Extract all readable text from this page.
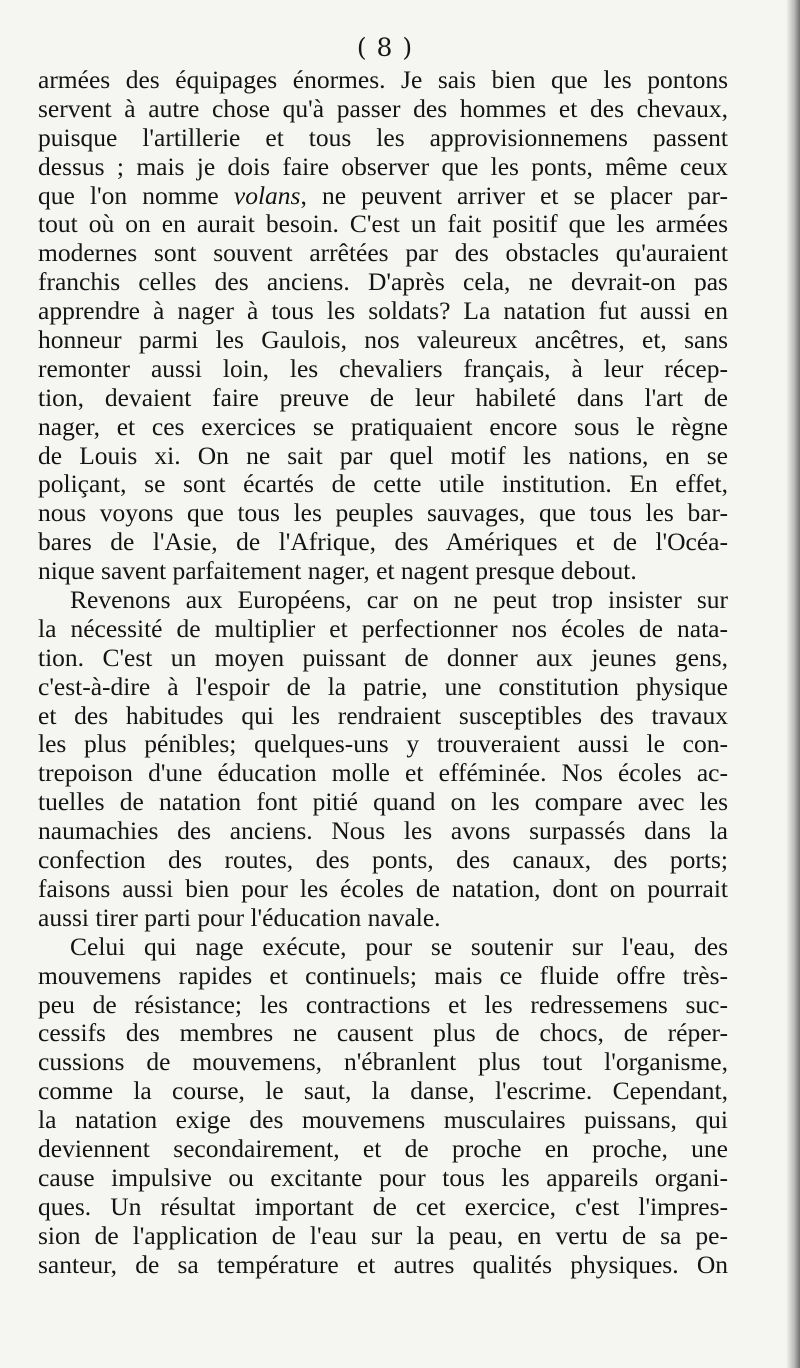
( 8 )
armées des équipages énormes. Je sais bien que les pontons
servent à autre chose qu'à passer des hommes et des chevaux,
puisque l'artillerie et tous les approvisionnemens passent
dessus ; mais je dois faire observer que les ponts, même ceux
que l'on nomme volans, ne peuvent arriver et se placer par-
tout où on en aurait besoin. C'est un fait positif que les armées
modernes sont souvent arrêtées par des obstacles qu'auraient
franchis celles des anciens. D'après cela, ne devrait-on pas
apprendre à nager à tous les soldats? La natation fut aussi en
honneur parmi les Gaulois, nos valeureux ancêtres, et, sans
remonter aussi loin, les chevaliers français, à leur récep-
tion, devaient faire preuve de leur habileté dans l'art de
nager, et ces exercices se pratiquaient encore sous le règne
de Louis xi. On ne sait par quel motif les nations, en se
poliçant, se sont écartés de cette utile institution. En effet,
nous voyons que tous les peuples sauvages, que tous les bar-
bares de l'Asie, de l'Afrique, des Amériques et de l'Océa-
nique savent parfaitement nager, et nagent presque debout.
Revenons aux Européens, car on ne peut trop insister sur
la nécessité de multiplier et perfectionner nos écoles de nata-
tion. C'est un moyen puissant de donner aux jeunes gens,
c'est-à-dire à l'espoir de la patrie, une constitution physique
et des habitudes qui les rendraient susceptibles des travaux
les plus pénibles; quelques-uns y trouveraient aussi le con-
trepoison d'une éducation molle et efféminée. Nos écoles ac-
tuelles de natation font pitié quand on les compare avec les
naumachies des anciens. Nous les avons surpassés dans la
confection des routes, des ponts, des canaux, des ports;
faisons aussi bien pour les écoles de natation, dont on pourrait
aussi tirer parti pour l'éducation navale.
Celui qui nage exécute, pour se soutenir sur l'eau, des
mouvemens rapides et continuels; mais ce fluide offre très-
peu de résistance; les contractions et les redressemens suc-
cessifs des membres ne causent plus de chocs, de réper-
cussions de mouvemens, n'ébranlent plus tout l'organisme,
comme la course, le saut, la danse, l'escrime. Cependant,
la natation exige des mouvemens musculaires puissans, qui
deviennent secondairement, et de proche en proche, une
cause impulsive ou excitante pour tous les appareils organi-
ques. Un résultat important de cet exercice, c'est l'impres-
sion de l'application de l'eau sur la peau, en vertu de sa pe-
santeur, de sa température et autres qualités physiques. On
